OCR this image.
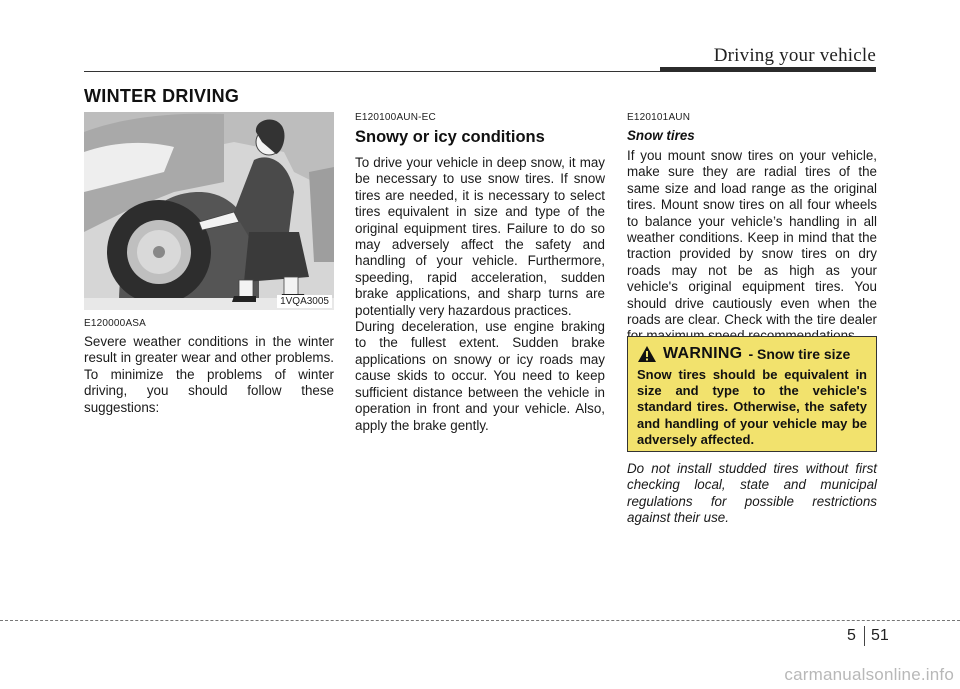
Driving your vehicle
WINTER DRIVING
1VQA3005

E120000ASA

Severe weather conditions in the winter result in greater wear and other problems. To minimize the problems of winter driving, you should follow these suggestions:

E120100AUN-EC

Snowy or icy conditions

To drive your vehicle in deep snow, it may be necessary to use snow tires. If snow tires are needed, it is necessary to select tires equivalent in size and type of the original equipment tires. Failure to do so may adversely affect the safety and handling of your vehicle. Furthermore, speeding, rapid acceleration, sudden brake applications, and sharp turns are potentially very hazardous practices.

During deceleration, use engine braking to the fullest extent. Sudden brake applications on snowy or icy roads may cause skids to occur. You need to keep sufficient distance between the vehicle in operation in front and your vehicle. Also, apply the brake gently.

E120101AUN

Snow tires

If you mount snow tires on your vehicle, make sure they are radial tires of the same size and load range as the original tires. Mount snow tires on all four wheels to balance your vehicle’s handling in all weather conditions. Keep in mind that the traction provided by snow tires on dry roads may not be as high as your vehicle's original equipment tires. You should drive cautiously even when the roads are clear. Check with the tire dealer

WARNING - Snow tire size

Snow tires should be equivalent in size and type to the vehicle's standard tires. Otherwise, the safety and handling of your vehicle may be adversely affected.

Do not install studded tires without first checking local, state and municipal regulations for possible restrictions against their use.

5 51
carmanualsonline.info
